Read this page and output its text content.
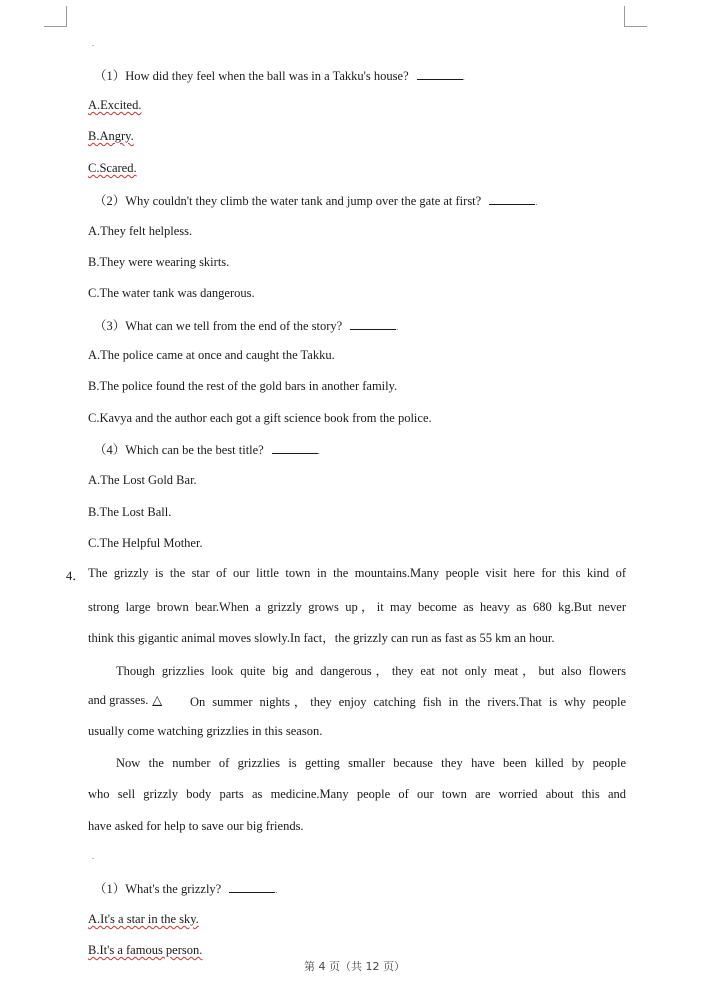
.
（1）How did they feel when the ball was in a Takku's house?	.
A.Excited.
B.Angry.
C.Scared.
（2）Why couldn't they climb the water tank and jump over the gate at first?	.
A.They felt helpless.
B.They were wearing skirts.
C.The water tank was dangerous.
（3）What can we tell from the end of the story?	.
A.The police came at once and caught the Takku.
B.The police found the rest of the gold bars in another family.
C.Kavya and the author each got a gift science book from the police.
（4）Which can be the best title?	.
A.The Lost Gold Bar.
B.The Lost Ball.
C.The Helpful Mother.
4． The grizzly is the star of our little town in the mountains.Many people visit here for this kind of
strong large brown bear.When a grizzly grows up，it may become as heavy as 680 kg.But never
think this gigantic animal moves slowly.In fact，the grizzly can run as fast as 55 km an hour.
Though grizzlies look quite big and dangerous，they eat not only meat，but also flowers
and grasses. △	On summer nights，they enjoy catching fish in the rivers.That is why people
usually come watching grizzlies in this season.
Now the number of grizzlies is getting smaller because they have been killed by people
who sell grizzly body parts as medicine.Many people of our town are worried about this and
have asked for help to save our big friends.
.
（1）What's the grizzly?	.
A.It's a star in the sky.
B.It's a famous person.
第 4 页（共 12 页）
